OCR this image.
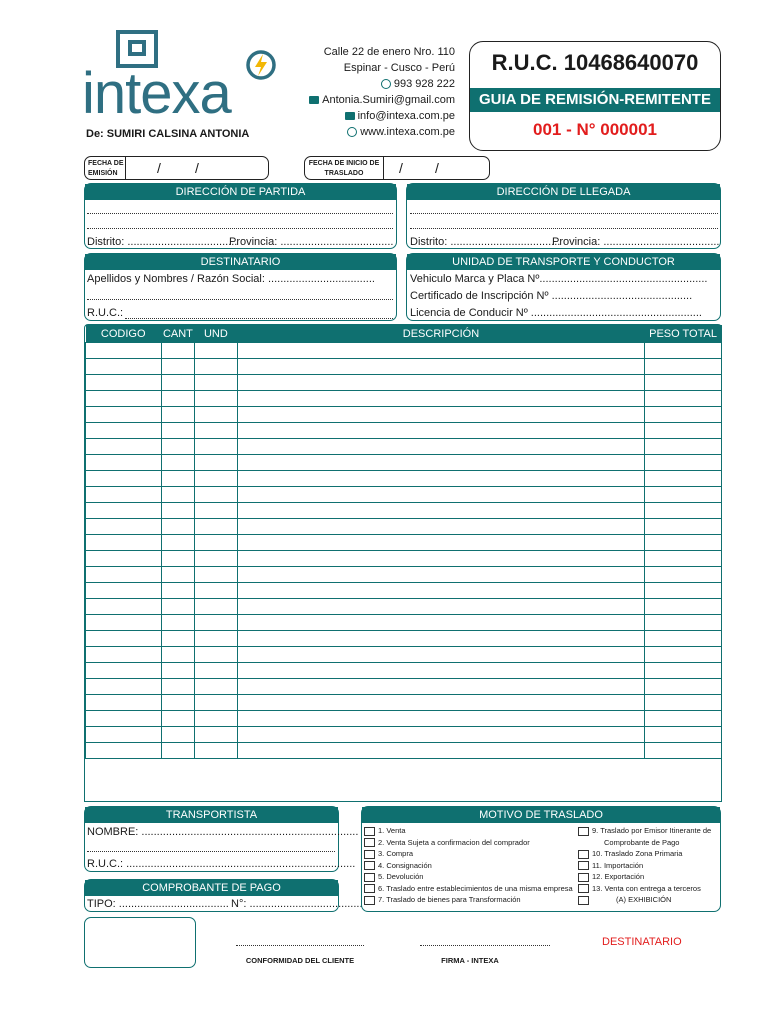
intexa
De: SUMIRI CALSINA ANTONIA
Calle 22 de enero Nro. 110
Espinar - Cusco - Perú
993 928 222
Antonia.Sumiri@gmail.com
info@intexa.com.pe
www.intexa.com.pe
R.U.C. 10468640070
GUIA DE REMISIÓN-REMITENTE
001 - N° 000001
FECHA DE EMISIÓN	/ /	FECHA DE INICIO DE TRASLADO	/ /
DIRECCIÓN DE PARTIDA
Distrito: ....................................
Provincia: .....................................
DIRECCIÓN DE LLEGADA
Distrito: ....................................
Provincia: ......................................
DESTINATARIO
Apellidos y Nombres / Razón Social: ...................................
R.U.C.:
UNIDAD DE TRANSPORTE Y CONDUCTOR
Vehiculo Marca y Placa Nº.......................................................
Certificado de Inscripción Nº ..............................................
Licencia de Conducir Nº ........................................................
CODIGO	CANT	UND	DESCRIPCIÓN	PESO TOTAL

TRANSPORTISTA
NOMBRE: .......................................................................
R.U.C.: ...........................................................................
COMPROBANTE DE PAGO
TIPO: .................................... N°: .....................................
MOTIVO DE TRASLADO
1. Venta
2. Venta Sujeta a confirmacion del comprador
3. Compra
4. Consignación
5. Devolución
6. Traslado entre establecimientos de una misma empresa
7. Traslado de bienes para Transformación
9. Traslado por Emisor Itinerante de
Comprobante de Pago
10. Traslado Zona Primaria
11. Importación
12. Exportación
13. Venta con entrega a terceros
(A) EXHIBICIÓN
CONFORMIDAD DEL CLIENTE	FIRMA - INTEXA
DESTINATARIO
